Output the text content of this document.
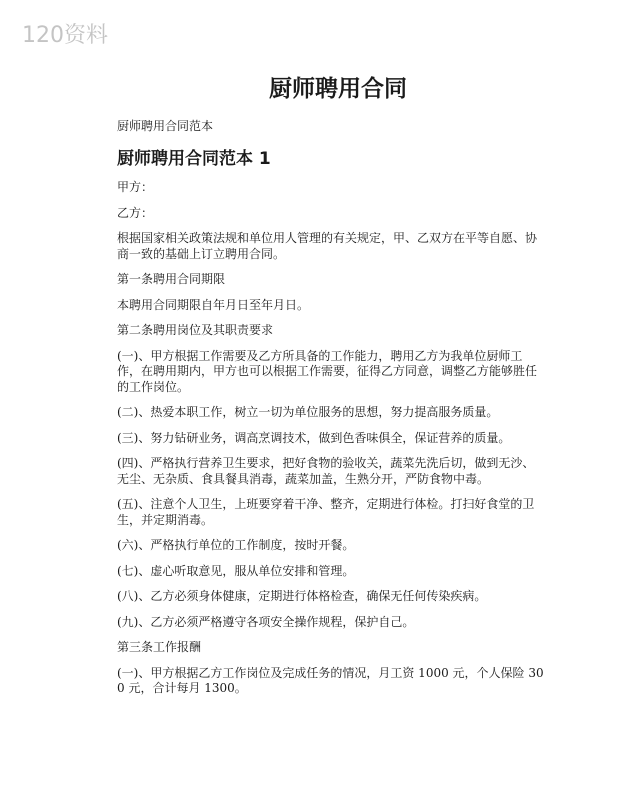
120资料
厨师聘用合同
厨师聘用合同范本
厨师聘用合同范本 1
甲方：
乙方：
根据国家相关政策法规和单位用人管理的有关规定，甲、乙双方在平等自愿、协商一致的基础上订立聘用合同。
第一条聘用合同期限
本聘用合同期限自年月日至年月日。
第二条聘用岗位及其职责要求
(一)、甲方根据工作需要及乙方所具备的工作能力，聘用乙方为我单位厨师工作，在聘用期内，甲方也可以根据工作需要，征得乙方同意，调整乙方能够胜任的工作岗位。
(二)、热爱本职工作，树立一切为单位服务的思想，努力提高服务质量。
(三)、努力钻研业务，调高烹调技术，做到色香味俱全，保证营养的质量。
(四)、严格执行营养卫生要求，把好食物的验收关，蔬菜先洗后切，做到无沙、无尘、无杂质、食具餐具消毒，蔬菜加盖，生熟分开，严防食物中毒。
(五)、注意个人卫生，上班要穿着干净、整齐，定期进行体检。打扫好食堂的卫生，并定期消毒。
(六)、严格执行单位的工作制度，按时开餐。
(七)、虚心听取意见，服从单位安排和管理。
(八)、乙方必须身体健康，定期进行体格检查，确保无任何传染疾病。
(九)、乙方必须严格遵守各项安全操作规程，保护自己。
第三条工作报酬
(一)、甲方根据乙方工作岗位及完成任务的情况，月工资 1000 元，个人保险 300 元，合计每月 1300。
